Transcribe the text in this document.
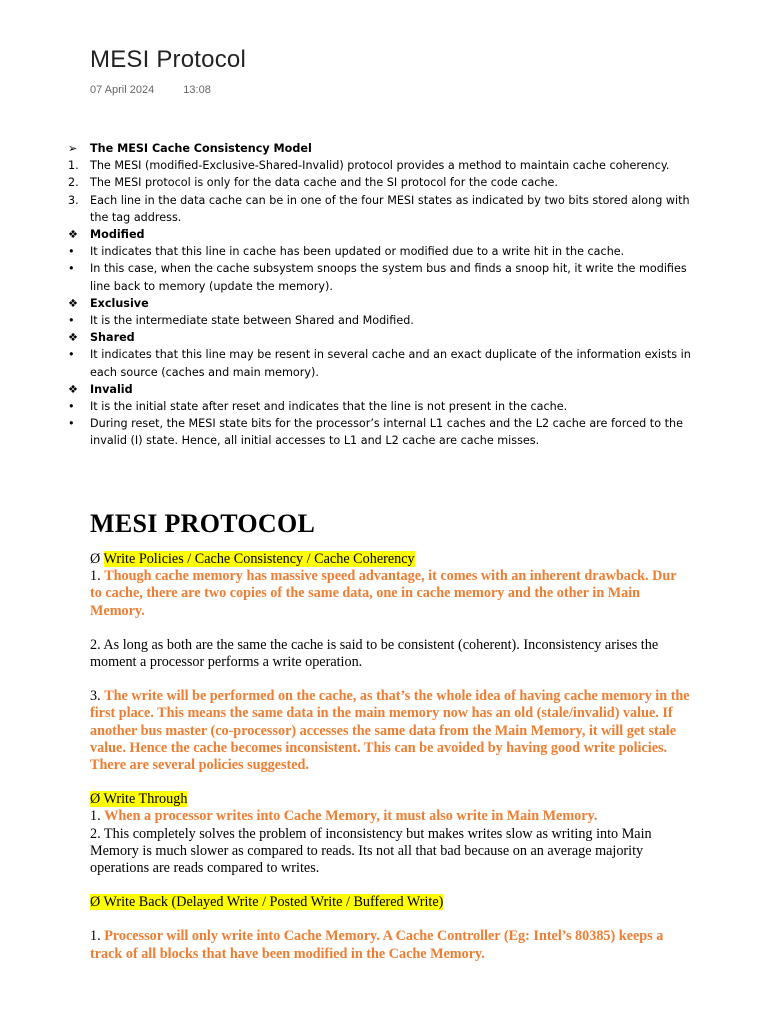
MESI Protocol
07 April 2024	13:08
➢	The MESI Cache Consistency Model
1.	The MESI (modified-Exclusive-Shared-Invalid) protocol provides a method to maintain cache coherency.
2.	The MESI protocol is only for the data cache and the SI protocol for the code cache.
3.	Each line in the data cache can be in one of the four MESI states as indicated by two bits stored along with the tag address.
❖	Modified
•	It indicates that this line in cache has been updated or modified due to a write hit in the cache.
•	In this case, when the cache subsystem snoops the system bus and finds a snoop hit, it write the modifies line back to memory (update the memory).
❖	Exclusive
•	It is the intermediate state between Shared and Modified.
❖	Shared
•	It indicates that this line may be resent in several cache and an exact duplicate of the information exists in each source (caches and main memory).
❖	Invalid
•	It is the initial state after reset and indicates that the line is not present in the cache.
•	During reset, the MESI state bits for the processor’s internal L1 caches and the L2 cache are forced to the invalid (I) state. Hence, all initial accesses to L1 and L2 cache are cache misses.
MESI PROTOCOL

Ø Write Policies / Cache Consistency / Cache Coherency

1. Though cache memory has massive speed advantage, it comes with an inherent drawback. Dur to cache, there are two copies of the same data, one in cache memory and the other in Main Memory.

2. As long as both are the same the cache is said to be consistent (coherent). Inconsistency arises the moment a processor performs a write operation.

3. The write will be performed on the cache, as that’s the whole idea of having cache memory in the first place. This means the same data in the main memory now has an old (stale/invalid) value. If another bus master (co-processor) accesses the same data from the Main Memory, it will get stale value. Hence the cache becomes inconsistent. This can be avoided by having good write policies. There are several policies suggested.

Ø Write Through

1. When a processor writes into Cache Memory, it must also write in Main Memory.

2. This completely solves the problem of inconsistency but makes writes slow as writing into Main Memory is much slower as compared to reads. Its not all that bad because on an average majority operations are reads compared to writes.

Ø Write Back (Delayed Write / Posted Write / Buffered Write)

1. Processor will only write into Cache Memory. A Cache Controller (Eg: Intel’s 80385) keeps a track of all blocks that have been modified in the Cache Memory.
